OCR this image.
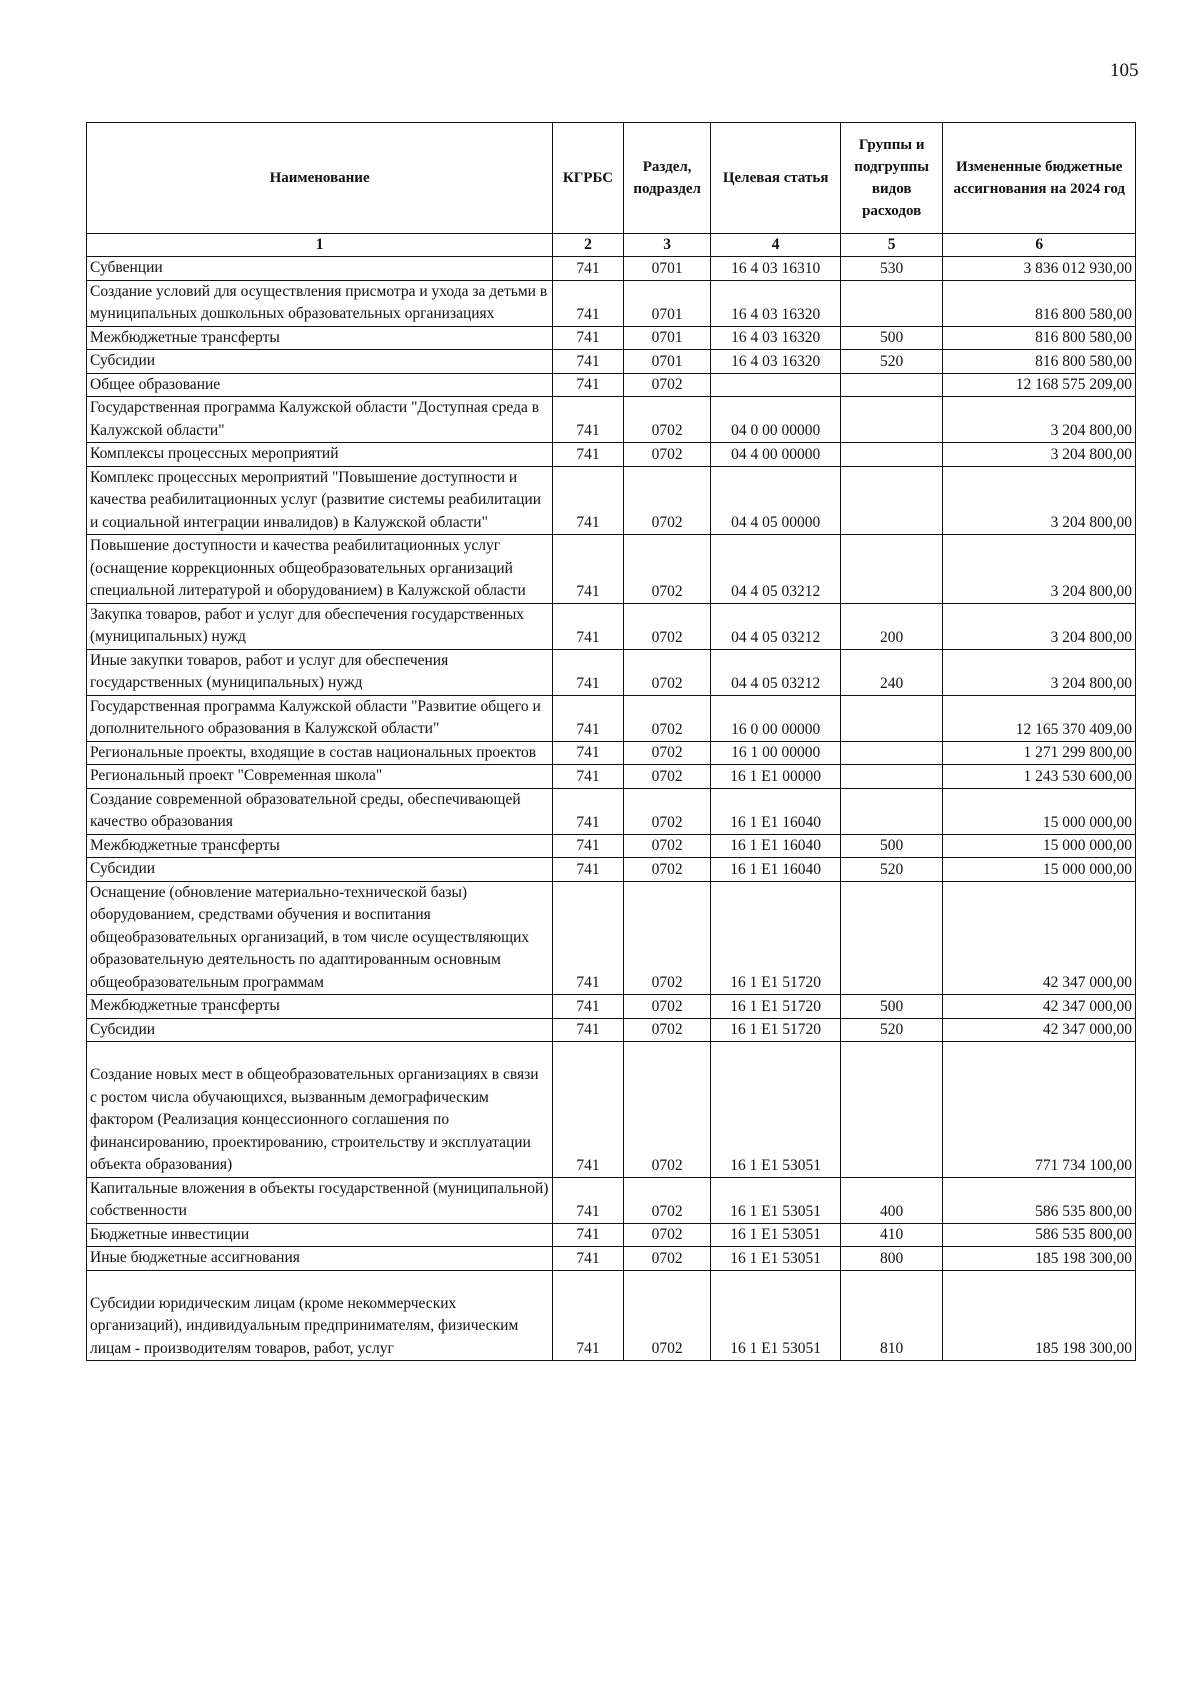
105
Наименование	КГРБС	Раздел, подраздел	Целевая статья	Группы и подгруппы видов расходов	Измененные бюджетные ассигнования на 2024 год
1	2	3	4	5	6
Субвенции	741	0701	16 4 03 16310	530	3 836 012 930,00
Создание условий для осуществления присмотра и ухода за детьми в муниципальных дошкольных образовательных организациях	741	0701	16 4 03 16320		816 800 580,00
Межбюджетные трансферты	741	0701	16 4 03 16320	500	816 800 580,00
Субсидии	741	0701	16 4 03 16320	520	816 800 580,00
Общее образование	741	0702			12 168 575 209,00
Государственная программа Калужской области "Доступная среда в Калужской области"	741	0702	04 0 00 00000		3 204 800,00
Комплексы процессных мероприятий	741	0702	04 4 00 00000		3 204 800,00
Комплекс процессных мероприятий "Повышение доступности и качества реабилитационных услуг (развитие системы реабилитации и социальной интеграции инвалидов) в Калужской области"	741	0702	04 4 05 00000		3 204 800,00
Повышение доступности и качества реабилитационных услуг (оснащение коррекционных общеобразовательных организаций специальной литературой и оборудованием) в Калужской области	741	0702	04 4 05 03212		3 204 800,00
Закупка товаров, работ и услуг для обеспечения государственных (муниципальных) нужд	741	0702	04 4 05 03212	200	3 204 800,00
Иные закупки товаров, работ и услуг для обеспечения государственных (муниципальных) нужд	741	0702	04 4 05 03212	240	3 204 800,00
Государственная программа Калужской области "Развитие общего и дополнительного образования в Калужской области"	741	0702	16 0 00 00000		12 165 370 409,00
Региональные проекты, входящие в состав национальных проектов	741	0702	16 1 00 00000		1 271 299 800,00
Региональный проект "Современная школа"	741	0702	16 1 E1 00000		1 243 530 600,00
Создание современной образовательной среды, обеспечивающей качество образования	741	0702	16 1 E1 16040		15 000 000,00
Межбюджетные трансферты	741	0702	16 1 E1 16040	500	15 000 000,00
Субсидии	741	0702	16 1 E1 16040	520	15 000 000,00
Оснащение (обновление материально-технической базы) оборудованием, средствами обучения и воспитания общеобразовательных организаций, в том числе осуществляющих образовательную деятельность по адаптированным основным общеобразовательным программам	741	0702	16 1 E1 51720		42 347 000,00
Межбюджетные трансферты	741	0702	16 1 E1 51720	500	42 347 000,00
Субсидии	741	0702	16 1 E1 51720	520	42 347 000,00
Создание новых мест в общеобразовательных организациях в связи с ростом числа обучающихся, вызванным демографическим фактором (Реализация концессионного соглашения по финансированию, проектированию, строительству и эксплуатации объекта образования)	741	0702	16 1 E1 53051		771 734 100,00
Капитальные вложения в объекты государственной (муниципальной) собственности	741	0702	16 1 E1 53051	400	586 535 800,00
Бюджетные инвестиции	741	0702	16 1 E1 53051	410	586 535 800,00
Иные бюджетные ассигнования	741	0702	16 1 E1 53051	800	185 198 300,00
Субсидии юридическим лицам (кроме некоммерческих организаций), индивидуальным предпринимателям, физическим лицам - производителям товаров, работ, услуг	741	0702	16 1 E1 53051	810	185 198 300,00
